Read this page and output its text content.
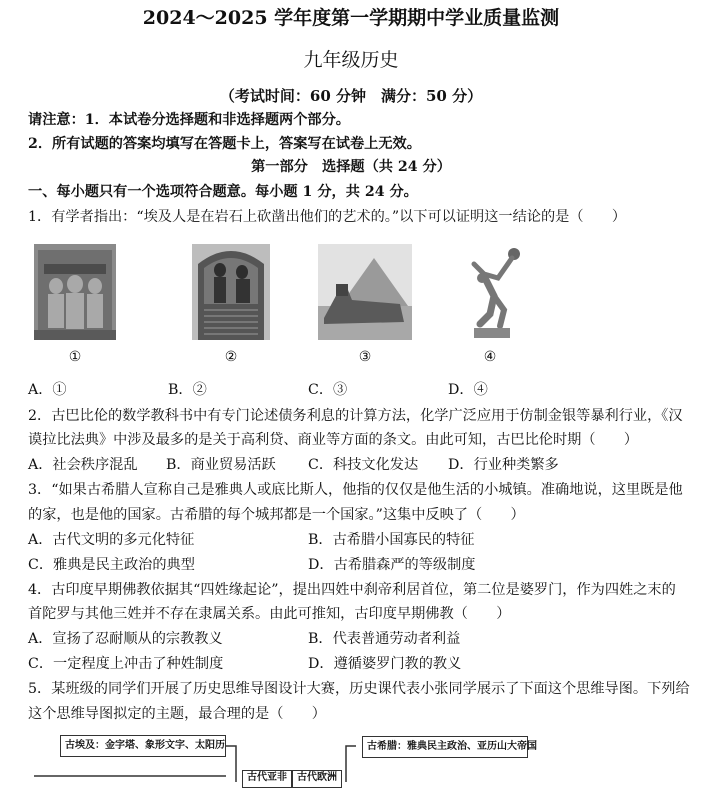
2024～2025 学年度第一学期期中学业质量监测
九年级历史
（考试时间：60 分钟　满分：50 分）
请注意：1．本试卷分选择题和非选择题两个部分。
2．所有试题的答案均填写在答题卡上，答案写在试卷上无效。
第一部分　选择题（共 24 分）
一、每小题只有一个选项符合题意。每小题 1 分，共 24 分。
1．有学者指出：“埃及人是在岩石上砍凿出他们的艺术的。”以下可以证明这一结论的是（　　）
①	②	③	④
A．①	B．②	C．③	D．④
2．古巴比伦的数学教科书中有专门论述债务利息的计算方法，化学广泛应用于仿制金银等暴利行业，《汉
谟拉比法典》中涉及最多的是关于高利贷、商业等方面的条文。由此可知，古巴比伦时期（　　）
A．社会秩序混乱 B．商业贸易活跃 C．科技文化发达 D．行业种类繁多
3．“如果古希腊人宣称自己是雅典人或底比斯人，他指的仅仅是他生活的小城镇。准确地说，这里既是他
的家，也是他的国家。古希腊的每个城邦都是一个国家。”这集中反映了（　　）
A．古代文明的多元化特征	B．古希腊小国寡民的特征
C．雅典是民主政治的典型	D．古希腊森严的等级制度
4．古印度早期佛教依据其“四姓缘起论”，提出四姓中刹帝利居首位，第二位是婆罗门，作为四姓之末的
首陀罗与其他三姓并不存在隶属关系。由此可推知，古印度早期佛教（　　）
A．宣扬了忍耐顺从的宗教教义	B．代表普通劳动者利益
C．一定程度上冲击了种姓制度	D．遵循婆罗门教的教义
5．某班级的同学们开展了历史思维导图设计大赛，历史课代表小张同学展示了下面这个思维导图。下列给
这个思维导图拟定的主题，最合理的是（　　）
古埃及：金字塔、象形文字、太阳历	古希腊：雅典民主政治、亚历山大帝国
古代亚非	古代欧洲
